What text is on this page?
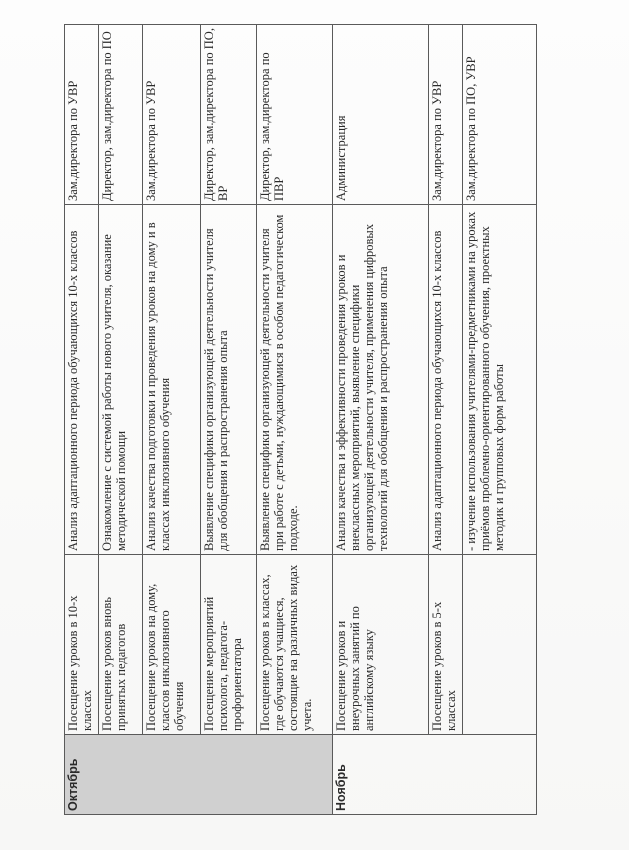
Октябрь	Посещение уроков в 10-х классах	Анализ адаптационного периода обучающихся 10-х классов	Зам.директора по УВР
	Посещение уроков вновь принятых педагогов	Ознакомление с системой работы нового учителя, оказание методической помощи	Директор, зам.директора по ПО
	Посещение уроков на дому, классов инклюзивного обучения	Анализ качества подготовки и проведения уроков на дому и в классах инклюзивного обучения	Зам.директора по УВР
	Посещение мероприятий психолога, педагога-профориентатора	Выявление специфики организующей деятельности учителя для обобщения и распространения опыта	Директор, зам.директора по ПО, ВР
	Посещение уроков в классах, где обучаются учащиеся, состоящие на различных видах учета.	Выявление специфики организующей деятельности учителя при работе с детьми, нуждающимися в особом педагогическом подходе.	Директор, зам.директора по ПВР
Ноябрь	Посещение уроков и внеурочных занятий по английскому языку	Анализ качества и эффективности проведения уроков и внеклассных мероприятий, выявление специфики организующей деятельности учителя, применения цифровых технологий для обобщения и распространения опыта	Администрация
	Посещение уроков в 5-х классах	Анализ адаптационного периода обучающихся 10-х классов	Зам.директора по УВР
		- изучение использования учителями-предметниками на уроках приёмов проблемно-ориентированного обучения, проектных методик и групповых форм работы	Зам.директора по ПО, УВР
